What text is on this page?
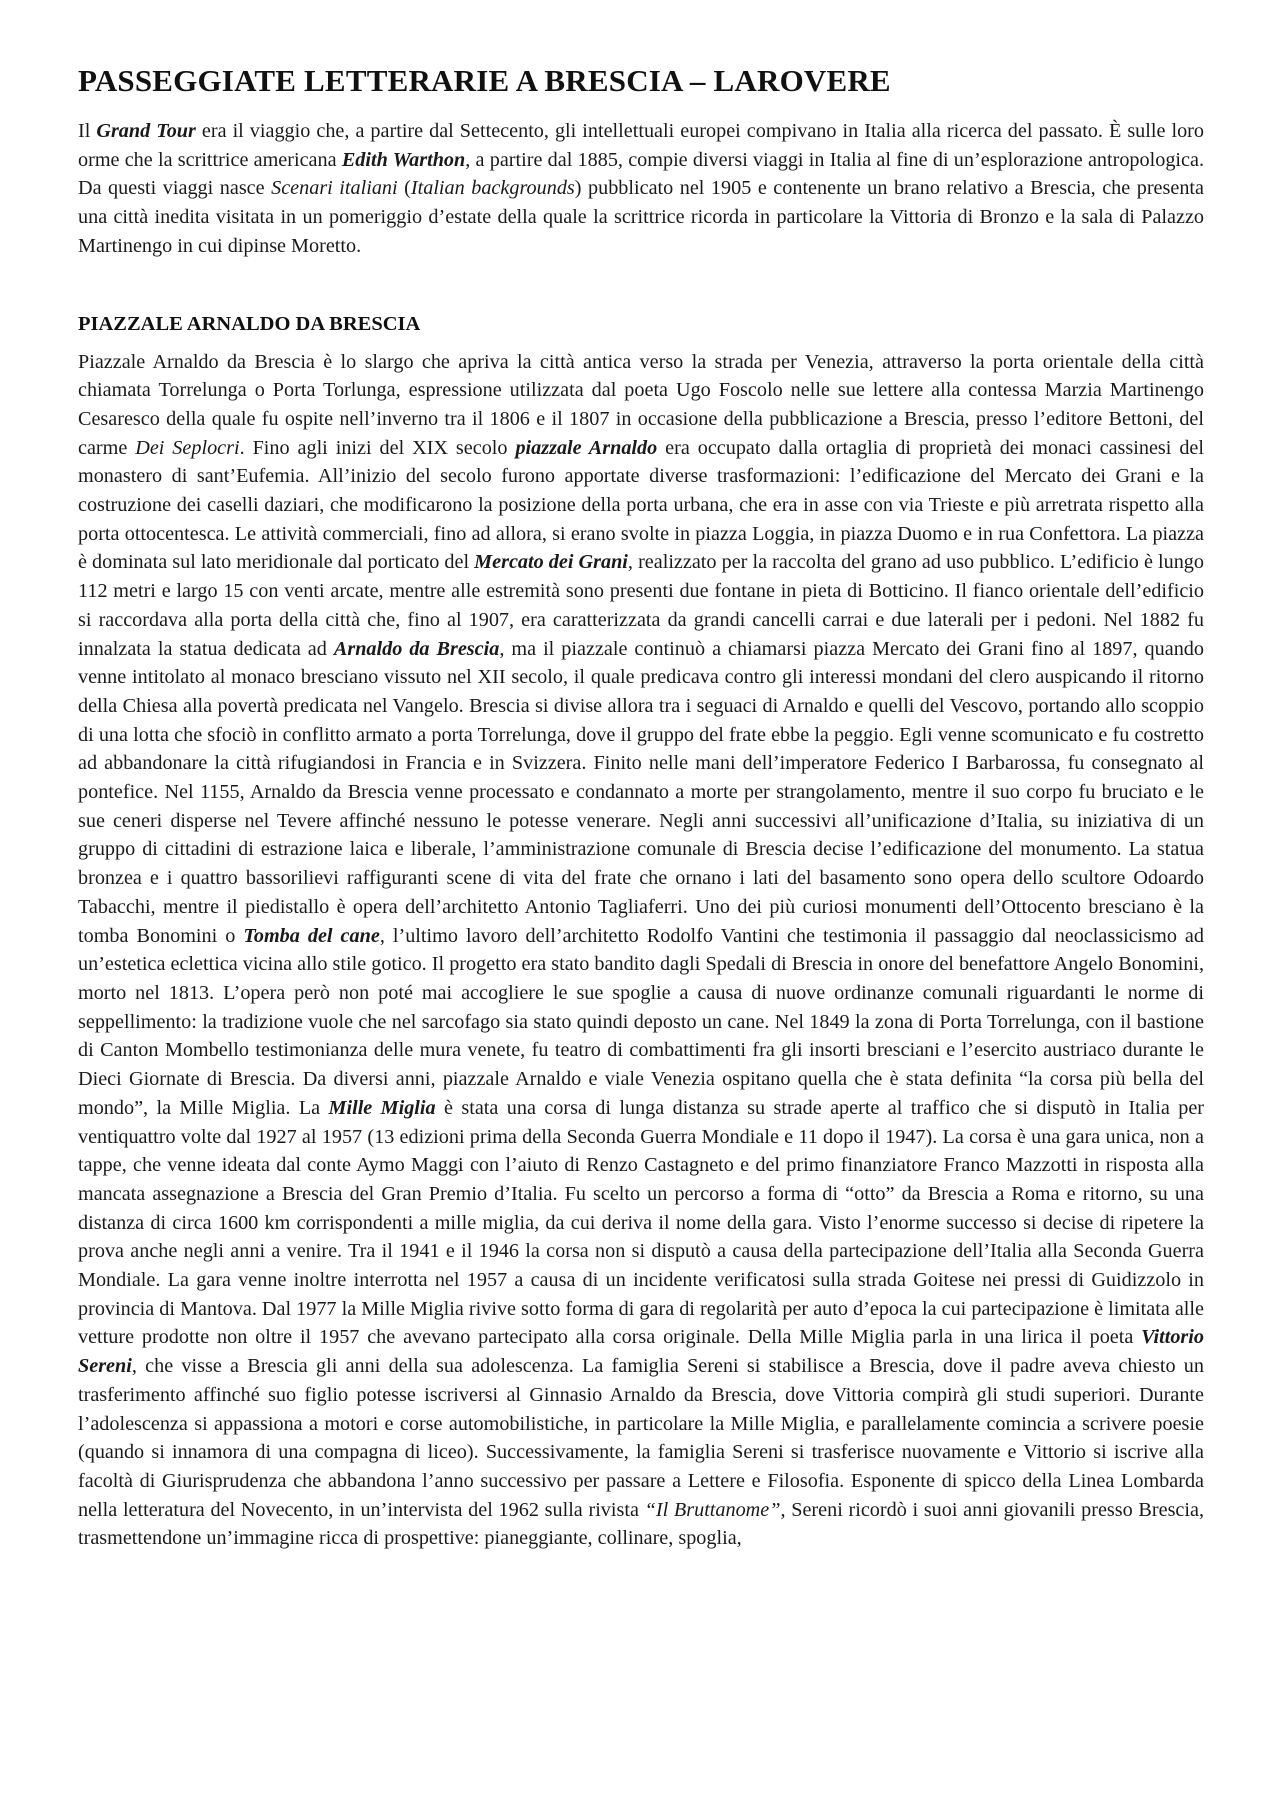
PASSEGGIATE LETTERARIE A BRESCIA – LAROVERE

Il Grand Tour era il viaggio che, a partire dal Settecento, gli intellettuali europei compivano in Italia alla ricerca del passato. È sulle loro orme che la scrittrice americana Edith Warthon, a partire dal 1885, compie diversi viaggi in Italia al fine di un’esplorazione antropologica. Da questi viaggi nasce Scenari italiani (Italian backgrounds) pubblicato nel 1905 e contenente un brano relativo a Brescia, che presenta una città inedita visitata in un pomeriggio d’estate della quale la scrittrice ricorda in particolare la Vittoria di Bronzo e la sala di Palazzo Martinengo in cui dipinse Moretto.

PIAZZALE ARNALDO DA BRESCIA

Piazzale Arnaldo da Brescia è lo slargo che apriva la città antica verso la strada per Venezia, attraverso la porta orientale della città chiamata Torrelunga o Porta Torlunga, espressione utilizzata dal poeta Ugo Foscolo nelle sue lettere alla contessa Marzia Martinengo Cesaresco della quale fu ospite nell’inverno tra il 1806 e il 1807 in occasione della pubblicazione a Brescia, presso l’editore Bettoni, del carme Dei Seplocri. Fino agli inizi del XIX secolo piazzale Arnaldo era occupato dalla ortaglia di proprietà dei monaci cassinesi del monastero di sant’Eufemia. All’inizio del secolo furono apportate diverse trasformazioni: l’edificazione del Mercato dei Grani e la costruzione dei caselli daziari, che modificarono la posizione della porta urbana, che era in asse con via Trieste e più arretrata rispetto alla porta ottocentesca. Le attività commerciali, fino ad allora, si erano svolte in piazza Loggia, in piazza Duomo e in rua Confettora. La piazza è dominata sul lato meridionale dal porticato del Mercato dei Grani, realizzato per la raccolta del grano ad uso pubblico. L’edificio è lungo 112 metri e largo 15 con venti arcate, mentre alle estremità sono presenti due fontane in pieta di Botticino. Il fianco orientale dell’edificio si raccordava alla porta della città che, fino al 1907, era caratterizzata da grandi cancelli carrai e due laterali per i pedoni. Nel 1882 fu innalzata la statua dedicata ad Arnaldo da Brescia, ma il piazzale continuò a chiamarsi piazza Mercato dei Grani fino al 1897, quando venne intitolato al monaco bresciano vissuto nel XII secolo, il quale predicava contro gli interessi mondani del clero auspicando il ritorno della Chiesa alla povertà predicata nel Vangelo. Brescia si divise allora tra i seguaci di Arnaldo e quelli del Vescovo, portando allo scoppio di una lotta che sfociò in conflitto armato a porta Torrelunga, dove il gruppo del frate ebbe la peggio. Egli venne scomunicato e fu costretto ad abbandonare la città rifugiandosi in Francia e in Svizzera. Finito nelle mani dell’imperatore Federico I Barbarossa, fu consegnato al pontefice. Nel 1155, Arnaldo da Brescia venne processato e condannato a morte per strangolamento, mentre il suo corpo fu bruciato e le sue ceneri disperse nel Tevere affinché nessuno le potesse venerare. Negli anni successivi all’unificazione d’Italia, su iniziativa di un gruppo di cittadini di estrazione laica e liberale, l’amministrazione comunale di Brescia decise l’edificazione del monumento. La statua bronzea e i quattro bassorilievi raffiguranti scene di vita del frate che ornano i lati del basamento sono opera dello scultore Odoardo Tabacchi, mentre il piedistallo è opera dell’architetto Antonio Tagliaferri. Uno dei più curiosi monumenti dell’Ottocento bresciano è la tomba Bonomini o Tomba del cane, l’ultimo lavoro dell’architetto Rodolfo Vantini che testimonia il passaggio dal neoclassicismo ad un’estetica eclettica vicina allo stile gotico. Il progetto era stato bandito dagli Spedali di Brescia in onore del benefattore Angelo Bonomini, morto nel 1813. L’opera però non poté mai accogliere le sue spoglie a causa di nuove ordinanze comunali riguardanti le norme di seppellimento: la tradizione vuole che nel sarcofago sia stato quindi deposto un cane. Nel 1849 la zona di Porta Torrelunga, con il bastione di Canton Mombello testimonianza delle mura venete, fu teatro di combattimenti fra gli insorti bresciani e l’esercito austriaco durante le Dieci Giornate di Brescia. Da diversi anni, piazzale Arnaldo e viale Venezia ospitano quella che è stata definita “la corsa più bella del mondo”, la Mille Miglia. La Mille Miglia è stata una corsa di lunga distanza su strade aperte al traffico che si disputò in Italia per ventiquattro volte dal 1927 al 1957 (13 edizioni prima della Seconda Guerra Mondiale e 11 dopo il 1947). La corsa è una gara unica, non a tappe, che venne ideata dal conte Aymo Maggi con l’aiuto di Renzo Castagneto e del primo finanziatore Franco Mazzotti in risposta alla mancata assegnazione a Brescia del Gran Premio d’Italia. Fu scelto un percorso a forma di “otto” da Brescia a Roma e ritorno, su una distanza di circa 1600 km corrispondenti a mille miglia, da cui deriva il nome della gara. Visto l’enorme successo si decise di ripetere la prova anche negli anni a venire. Tra il 1941 e il 1946 la corsa non si disputò a causa della partecipazione dell’Italia alla Seconda Guerra Mondiale. La gara venne inoltre interrotta nel 1957 a causa di un incidente verificatosi sulla strada Goitese nei pressi di Guidizzolo in provincia di Mantova. Dal 1977 la Mille Miglia rivive sotto forma di gara di regolarità per auto d’epoca la cui partecipazione è limitata alle vetture prodotte non oltre il 1957 che avevano partecipato alla corsa originale. Della Mille Miglia parla in una lirica il poeta Vittorio Sereni, che visse a Brescia gli anni della sua adolescenza. La famiglia Sereni si stabilisce a Brescia, dove il padre aveva chiesto un trasferimento affinché suo figlio potesse iscriversi al Ginnasio Arnaldo da Brescia, dove Vittoria compirà gli studi superiori. Durante l’adolescenza si appassiona a motori e corse automobilistiche, in particolare la Mille Miglia, e parallelamente comincia a scrivere poesie (quando si innamora di una compagna di liceo). Successivamente, la famiglia Sereni si trasferisce nuovamente e Vittorio si iscrive alla facoltà di Giurisprudenza che abbandona l’anno successivo per passare a Lettere e Filosofia. Esponente di spicco della Linea Lombarda nella letteratura del Novecento, in un’intervista del 1962 sulla rivista “Il Bruttanome”, Sereni ricordò i suoi anni giovanili presso Brescia, trasmettendone un’immagine ricca di prospettive: pianeggiante, collinare, spoglia,
